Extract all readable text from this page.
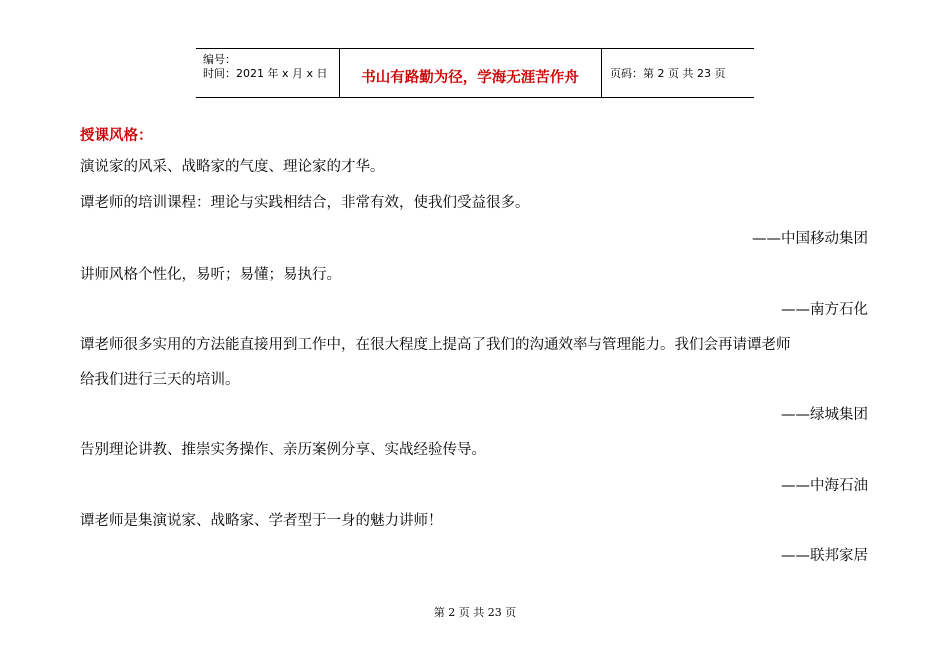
编号：
时间：2021 年 x 月 x 日	书山有路勤为径，学海无涯苦作舟	页码：第 2 页 共 23 页
授课风格：
演说家的风采、战略家的气度、理论家的才华。
谭老师的培训课程：理论与实践相结合，非常有效，使我们受益很多。
——中国移动集团
讲师风格个性化，易听；易懂；易执行。
——南方石化
谭老师很多实用的方法能直接用到工作中，在很大程度上提高了我们的沟通效率与管理能力。我们会再请谭老师
给我们进行三天的培训。
——绿城集团
告别理论讲教、推崇实务操作、亲历案例分享、实战经验传导。
——中海石油
谭老师是集演说家、战略家、学者型于一身的魅力讲师！
——联邦家居
第 2 页 共 23 页
